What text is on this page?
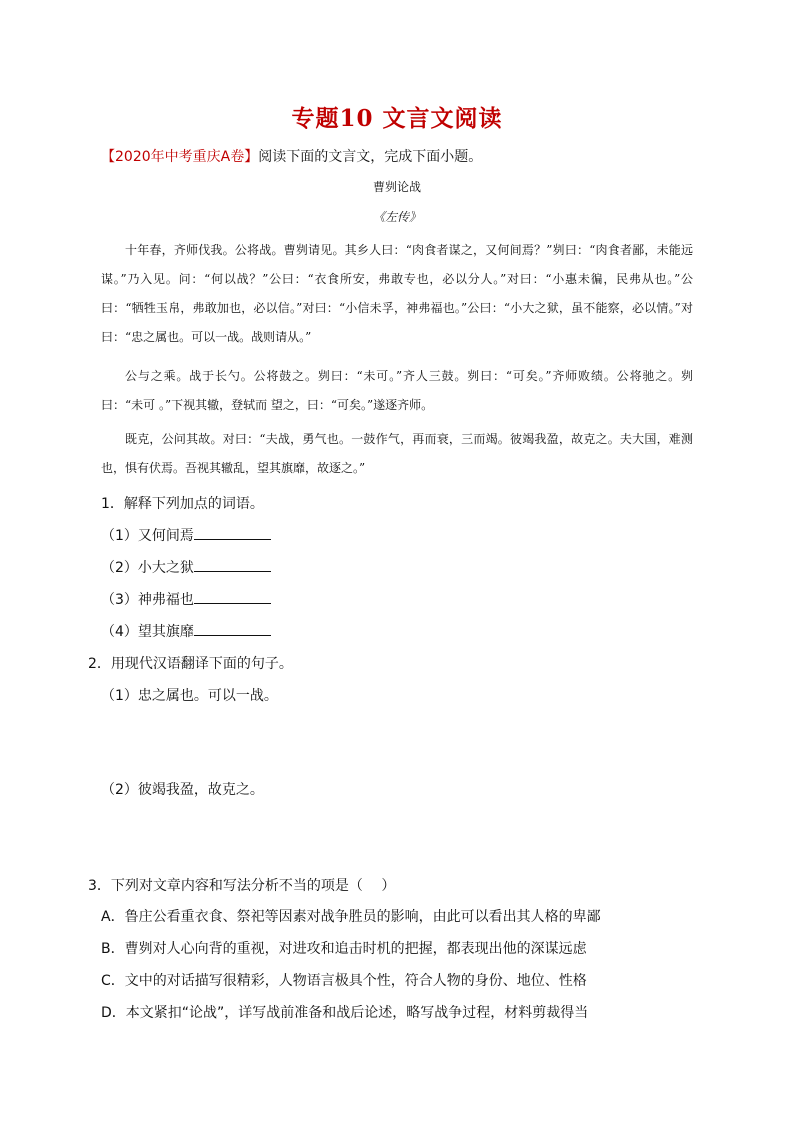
专题10 文言文阅读
【2020年中考重庆A卷】阅读下面的文言文，完成下面小题。
曹刿论战
《左传》
十年春，齐师伐我。公将战。曹刿请见。其乡人曰：“肉食者谋之，又何间焉？”刿曰：“肉食者鄙，未能远谋。”乃入见。问：“何以战？”公曰：“衣食所安，弗敢专也，必以分人。”对曰：“小惠未徧，民弗从也。”公曰：“牺牲玉帛，弗敢加也，必以信。”对曰：“小信未孚，神弗福也。”公曰：“小大之狱，虽不能察，必以情。”对曰：“忠之属也。可以一战。战则请从。”
公与之乘。战于长勺。公将鼓之。刿曰：“未可。”齐人三鼓。刿曰：“可矣。”齐师败绩。公将驰之。刿曰：“未可 。”下视其辙，登轼而 望之，曰：“可矣。”遂逐齐师。
既克，公问其故。对曰：“夫战，勇气也。一鼓作气，再而衰，三而竭。彼竭我盈，故克之。夫大国，难测也，惧有伏焉。吾视其辙乱，望其旗靡，故逐之。”
1．解释下列加点的词语。
（1）又何间焉
（2）小大之狱
（3）神弗福也
（4）望其旗靡
2．用现代汉语翻译下面的句子。
（1）忠之属也。可以一战。
（2）彼竭我盈，故克之。
3．下列对文章内容和写法分析不当的项是（　 ）
A．鲁庄公看重衣食、祭祀等因素对战争胜员的影响，由此可以看出其人格的卑鄙
B．曹刿对人心向背的重视，对进攻和追击时机的把握，都表现出他的深谋远虑
C．文中的对话描写很精彩，人物语言极具个性，符合人物的身份、地位、性格
D．本文紧扣“论战”，详写战前准备和战后论述，略写战争过程，材料剪裁得当
